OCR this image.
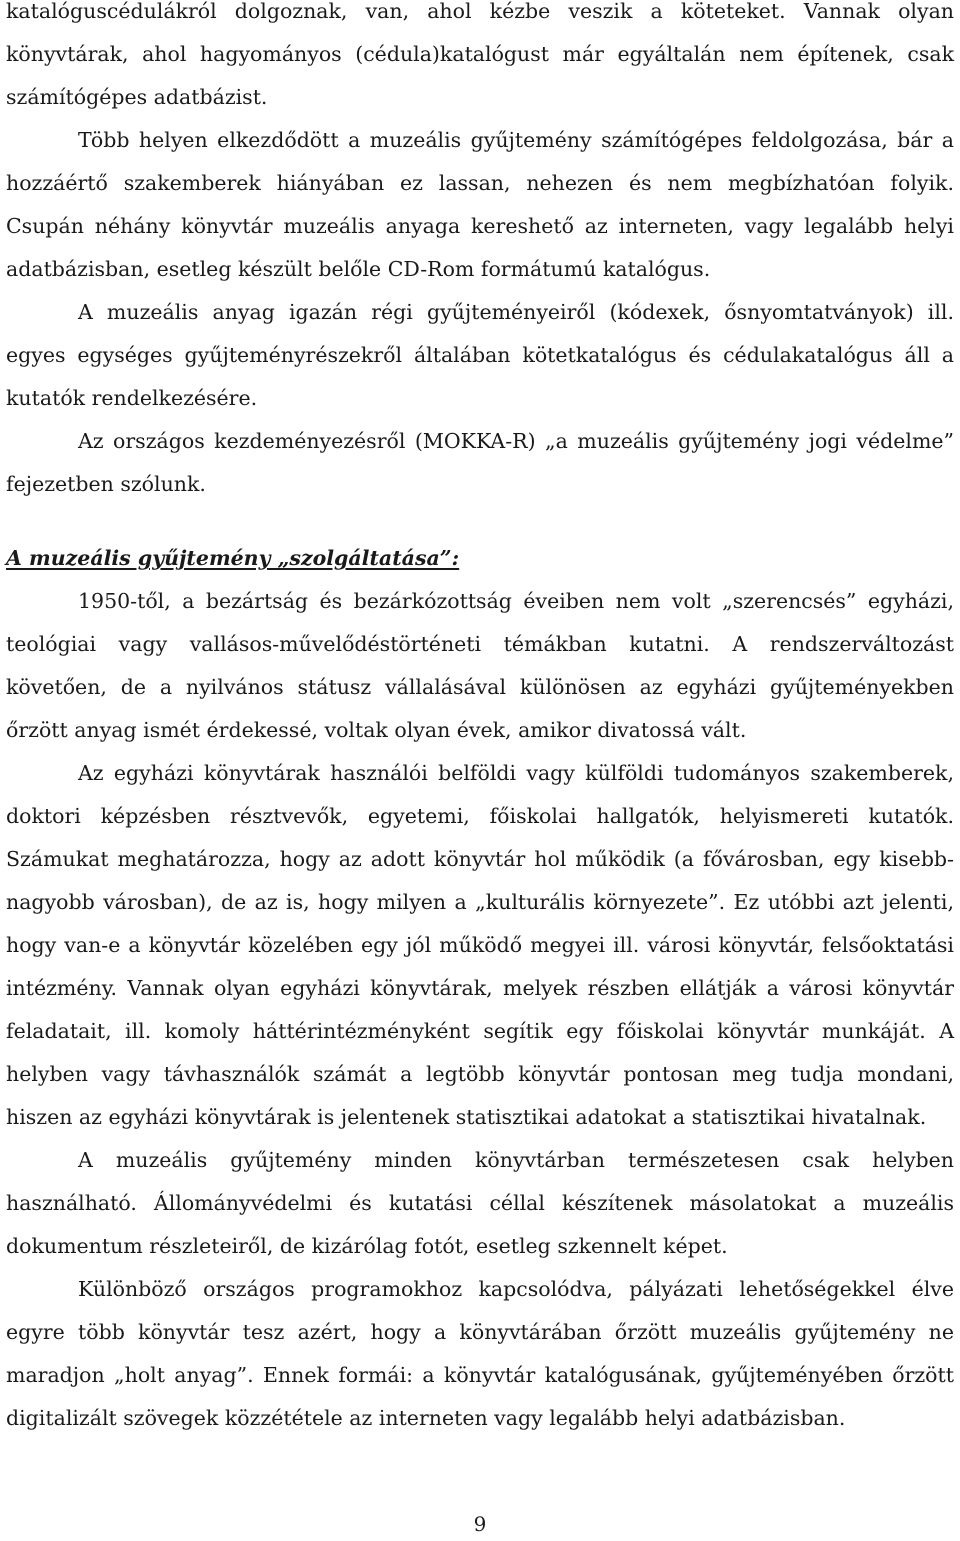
katalóguscédulákról dolgoznak, van, ahol kézbe veszik a köteteket. Vannak olyan könyvtárak, ahol hagyományos (cédula)katalógust már egyáltalán nem építenek, csak számítógépes adatbázist.

Több helyen elkezdődött a muzeális gyűjtemény számítógépes feldolgozása, bár a hozzáértő szakemberek hiányában ez lassan, nehezen és nem megbízhatóan folyik. Csupán néhány könyvtár muzeális anyaga kereshető az interneten, vagy legalább helyi adatbázisban, esetleg készült belőle CD-Rom formátumú katalógus.

A muzeális anyag igazán régi gyűjteményeiről (kódexek, ősnyomtatványok) ill. egyes egységes gyűjteményrészekről általában kötetkatalógus és cédulakatalógus áll a kutatók rendelkezésére.

Az országos kezdeményezésről (MOKKA-R) „a muzeális gyűjtemény jogi védelme” fejezetben szólunk.

A muzeális gyűjtemény „szolgáltatása”:

1950-től, a bezártság és bezárkózottság éveiben nem volt „szerencsés” egyházi, teológiai vagy vallásos-művelődéstörténeti témákban kutatni. A rendszerváltozást követően, de a nyilvános státusz vállalásával különösen az egyházi gyűjteményekben őrzött anyag ismét érdekessé, voltak olyan évek, amikor divatossá vált.

Az egyházi könyvtárak használói belföldi vagy külföldi tudományos szakemberek, doktori képzésben résztvevők, egyetemi, főiskolai hallgatók, helyismereti kutatók. Számukat meghatározza, hogy az adott könyvtár hol működik (a fővárosban, egy kisebb-nagyobb városban), de az is, hogy milyen a „kulturális környezete”. Ez utóbbi azt jelenti, hogy van-e a könyvtár közelében egy jól működő megyei ill. városi könyvtár, felsőoktatási intézmény. Vannak olyan egyházi könyvtárak, melyek részben ellátják a városi könyvtár feladatait, ill. komoly háttérintézményként segítik egy főiskolai könyvtár munkáját. A helyben vagy távhasználók számát a legtöbb könyvtár pontosan meg tudja mondani, hiszen az egyházi könyvtárak is jelentenek statisztikai adatokat a statisztikai hivatalnak.

A muzeális gyűjtemény minden könyvtárban természetesen csak helyben használható. Állományvédelmi és kutatási céllal készítenek másolatokat a muzeális dokumentum részleteiről, de kizárólag fotót, esetleg szkennelt képet.

Különböző országos programokhoz kapcsolódva, pályázati lehetőségekkel élve egyre több könyvtár tesz azért, hogy a könyvtárában őrzött muzeális gyűjtemény ne maradjon „holt anyag”. Ennek formái: a könyvtár katalógusának, gyűjteményében őrzött digitalizált szövegek közzététele az interneten vagy legalább helyi adatbázisban.

9
